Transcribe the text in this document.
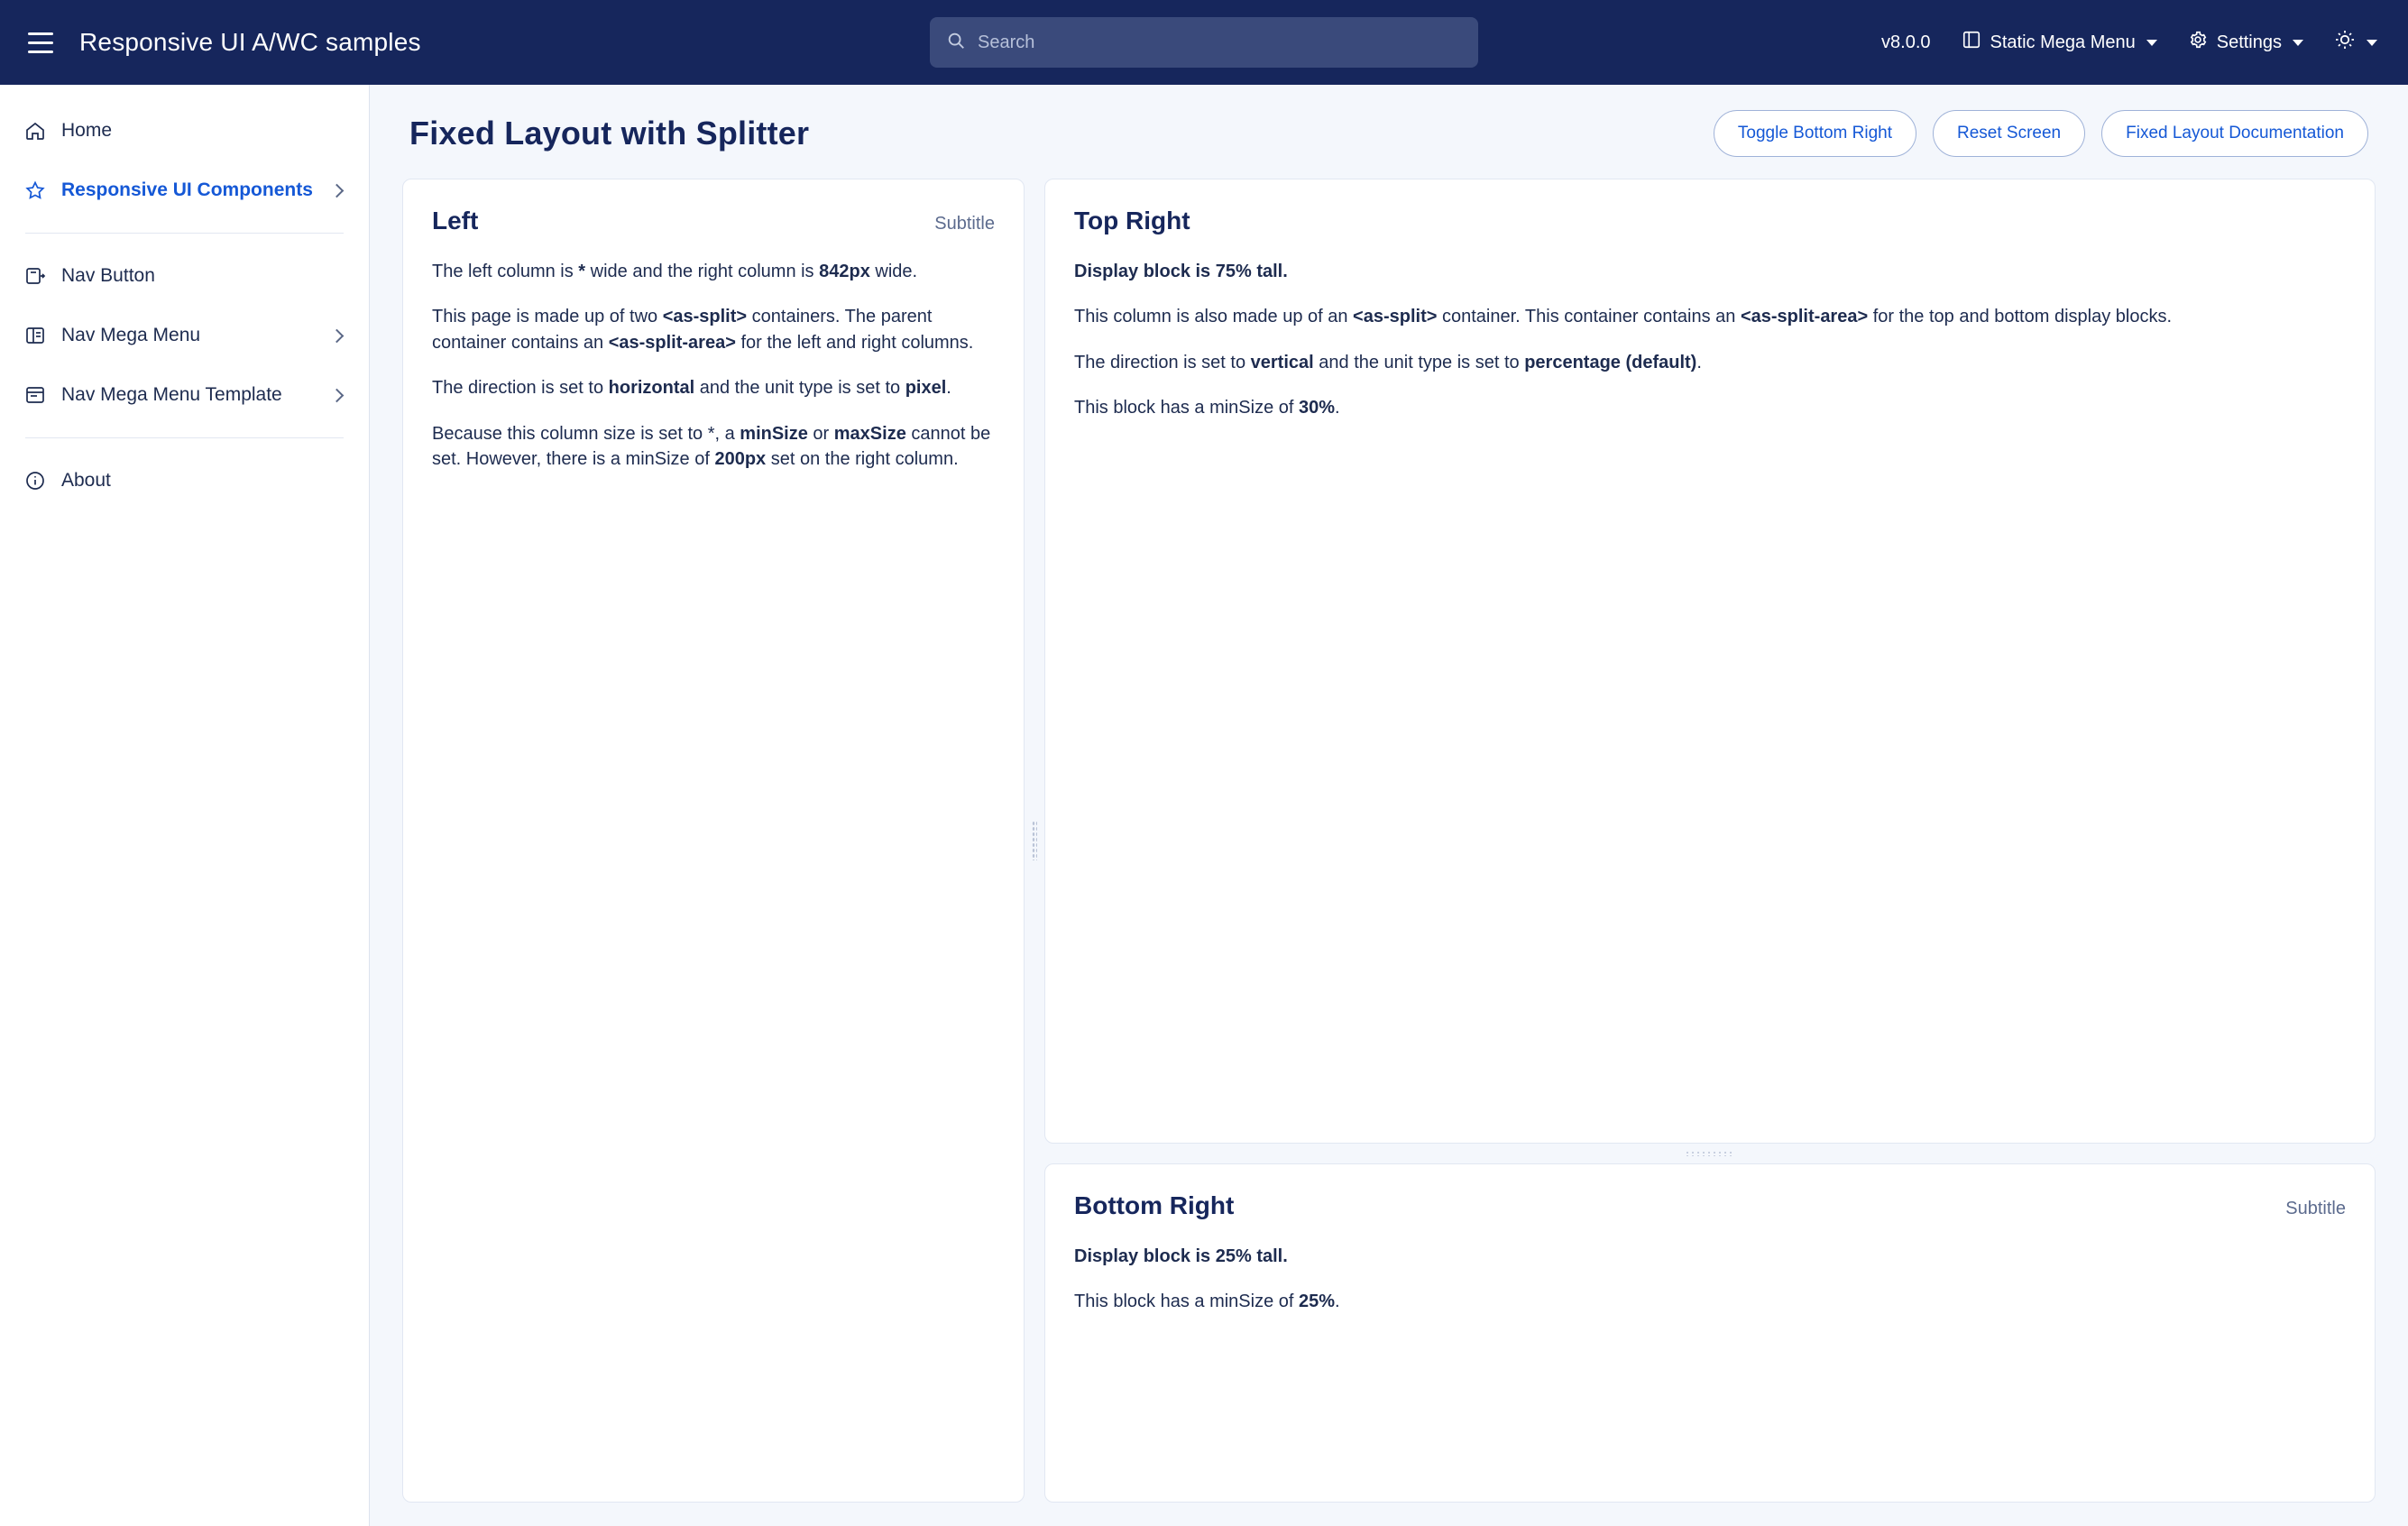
Responsive UI A/WC samples
Search	v8.0.0	Static Mega Menu	Settings
Home
Responsive UI Components
Nav Button
Nav Mega Menu
Nav Mega Menu Template
About
Fixed Layout with Splitter	Toggle Bottom Right	Reset Screen	Fixed Layout Documentation
Left	Subtitle

The left column is * wide and the right column is 842px wide.

This page is made up of two <as-split> containers. The parent container contains an <as-split-area> for the left and right columns.

The direction is set to horizontal and the unit type is set to pixel.

Because this column size is set to *, a minSize or maxSize cannot be set. However, there is a minSize of 200px set on the right column.

Top Right

Display block is 75% tall.

This column is also made up of an <as-split> container. This container contains an <as-split-area> for the top and bottom display blocks.

The direction is set to vertical and the unit type is set to percentage (default).

This block has a minSize of 30%.

Bottom Right	Subtitle

Display block is 25% tall.

This block has a minSize of 25%.
